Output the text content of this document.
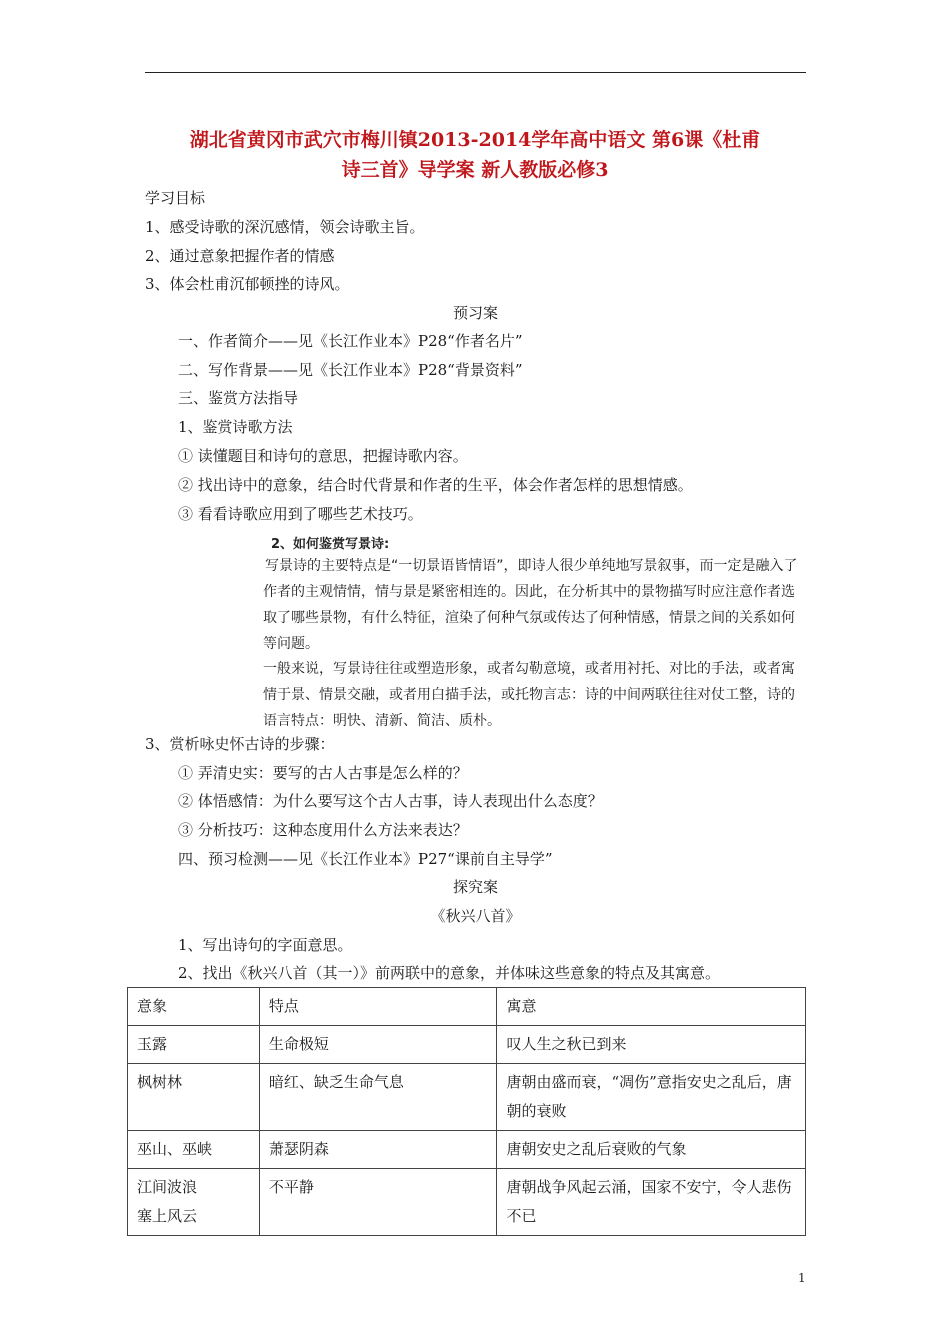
湖北省黄冈市武穴市梅川镇2013-2014学年高中语文 第6课《杜甫
诗三首》导学案 新人教版必修3
学习目标
1、感受诗歌的深沉感情，领会诗歌主旨。
2、通过意象把握作者的情感
3、体会杜甫沉郁顿挫的诗风。
预习案
一、作者简介——见《长江作业本》P28“作者名片”
二、写作背景——见《长江作业本》P28“背景资料”
三、鉴赏方法指导
1、鉴赏诗歌方法
① 读懂题目和诗句的意思，把握诗歌内容。
② 找出诗中的意象，结合时代背景和作者的生平，体会作者怎样的思想情感。
③ 看看诗歌应用到了哪些艺术技巧。
2、如何鉴赏写景诗:
写景诗的主要特点是“一切景语皆情语”，即诗人很少单纯地写景叙事，而一定是融入了作者的主观情情，情与景是紧密相连的。因此，在分析其中的景物描写时应注意作者选取了哪些景物，有什么特征，渲染了何种气氛或传达了何种情感，情景之间的关系如何等问题。
一般来说，写景诗往往或塑造形象，或者勾勒意境，或者用衬托、对比的手法，或者寓情于景、情景交融，或者用白描手法，或托物言志：诗的中间两联往往对仗工整，诗的语言特点：明快、清新、简洁、质朴。
3、赏析咏史怀古诗的步骤：
① 弄清史实：要写的古人古事是怎么样的？
② 体悟感情：为什么要写这个古人古事，诗人表现出什么态度？
③ 分析技巧：这种态度用什么方法来表达？
四、预习检测——见《长江作业本》P27“课前自主导学”
探究案
《秋兴八首》
1、写出诗句的字面意思。
2、找出《秋兴八首（其一）》前两联中的意象，并体味这些意象的特点及其寓意。
意象	特点	寓意
玉露	生命极短	叹人生之秋已到来
枫树林	暗红、缺乏生命气息	唐朝由盛而衰，“凋伤”意指安史之乱后，唐朝的衰败
巫山、巫峡	萧瑟阴森	唐朝安史之乱后衰败的气象
江间波浪
塞上风云	不平静	唐朝战争风起云涌，国家不安宁，令人悲伤不已
1
